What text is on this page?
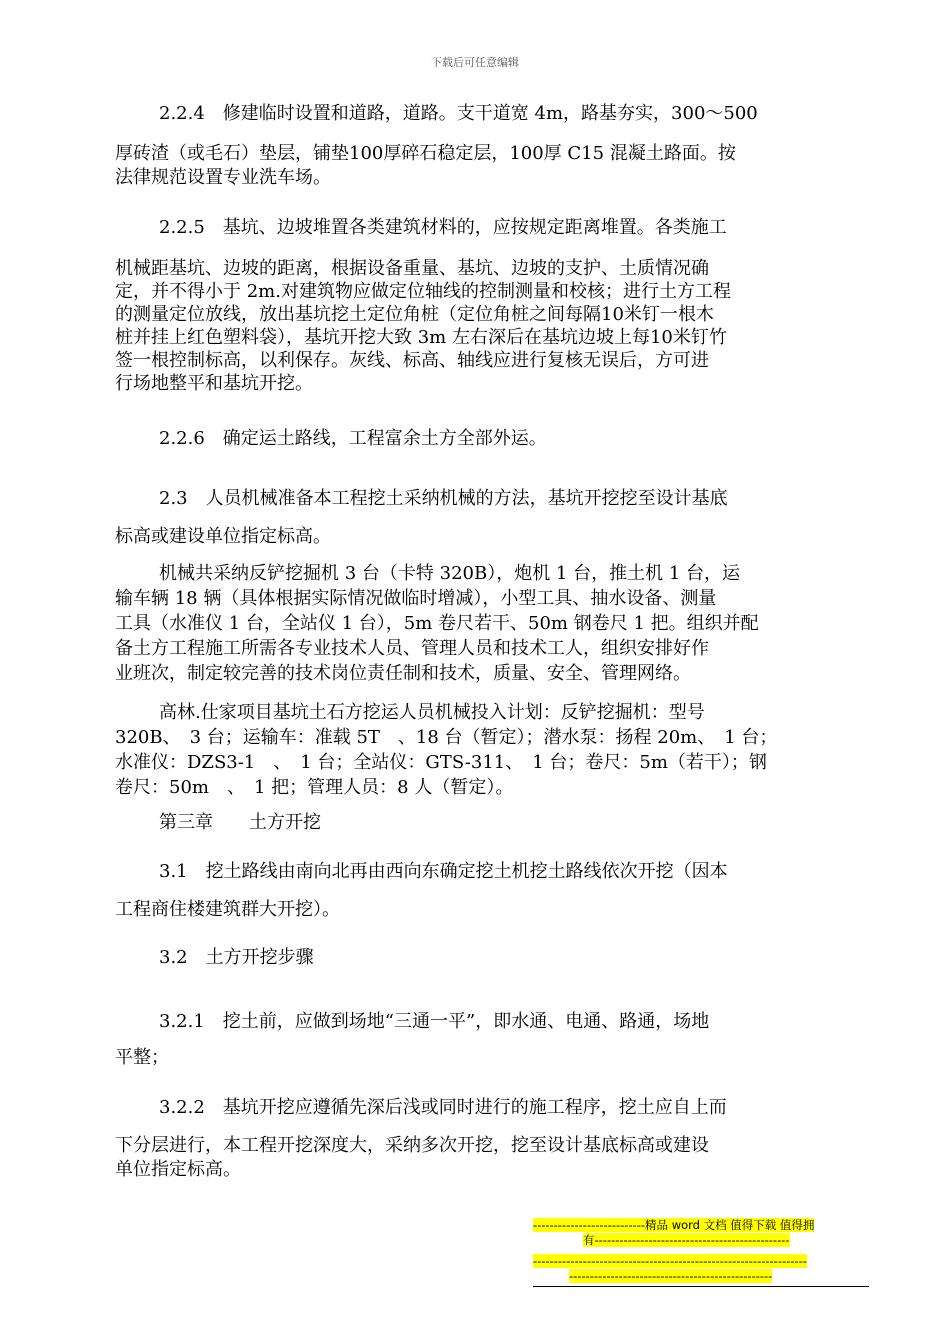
下载后可任意编辑
2.2.4　修建临时设置和道路，道路。支干道宽 4m，路基夯实，300～500
厚砖渣（或毛石）垫层，铺垫100厚碎石稳定层，100厚 C15 混凝土路面。按
法律规范设置专业洗车场。
2.2.5　基坑、边坡堆置各类建筑材料的，应按规定距离堆置。各类施工
机械距基坑、边坡的距离，根据设备重量、基坑、边坡的支护、土质情况确
定，并不得小于 2m.对建筑物应做定位轴线的控制测量和校核；进行土方工程
的测量定位放线，放出基坑挖土定位角桩（定位角桩之间每隔10米钉一根木
桩并挂上红色塑料袋），基坑开挖大致 3m 左右深后在基坑边坡上每10米钉竹
签一根控制标高，以利保存。灰线、标高、轴线应进行复核无误后，方可进
行场地整平和基坑开挖。
2.2.6　确定运土路线，工程富余土方全部外运。
2.3　人员机械准备本工程挖土采纳机械的方法，基坑开挖挖至设计基底
标高或建设单位指定标高。
机械共采纳反铲挖掘机 3 台（卡特 320B），炮机 1 台，推土机 1 台，运
输车辆 18 辆（具体根据实际情况做临时增减），小型工具、抽水设备、测量
工具（水准仪 1 台，全站仪 1 台），5m 卷尺若干、50m 钢卷尺 1 把。组织并配
备土方工程施工所需各专业技术人员、管理人员和技术工人，组织安排好作
业班次，制定较完善的技术岗位责任制和技术，质量、安全、管理网络。
高林.仕家项目基坑土石方挖运人员机械投入计划：反铲挖掘机：型号
320B、　3 台；运输车：准载 5T　、18 台（暂定）；潜水泵：扬程 20m、　1 台；
水准仪：DZS3-1　、　1 台；全站仪：GTS-311、　1 台；卷尺：5m（若干）；钢
卷尺：50m　、　1 把；管理人员：8 人（暂定）。
第三章　　土方开挖
3.1　挖土路线由南向北再由西向东确定挖土机挖土路线依次开挖（因本
工程商住楼建筑群大开挖）。
3.2　土方开挖步骤
3.2.1　挖土前，应做到场地“三通一平”，即水通、电通、路通，场地
平整；
3.2.2　基坑开挖应遵循先深后浅或同时进行的施工程序，挖土应自上而
下分层进行，本工程开挖深度大，采纳多次开挖，挖至设计基底标高或建设
单位指定标高。
---------------------------精品 word 文档 值得下载 值得拥
有-----------------------------------------------
------------------------------------------------------------------
-------------------------------------------------
